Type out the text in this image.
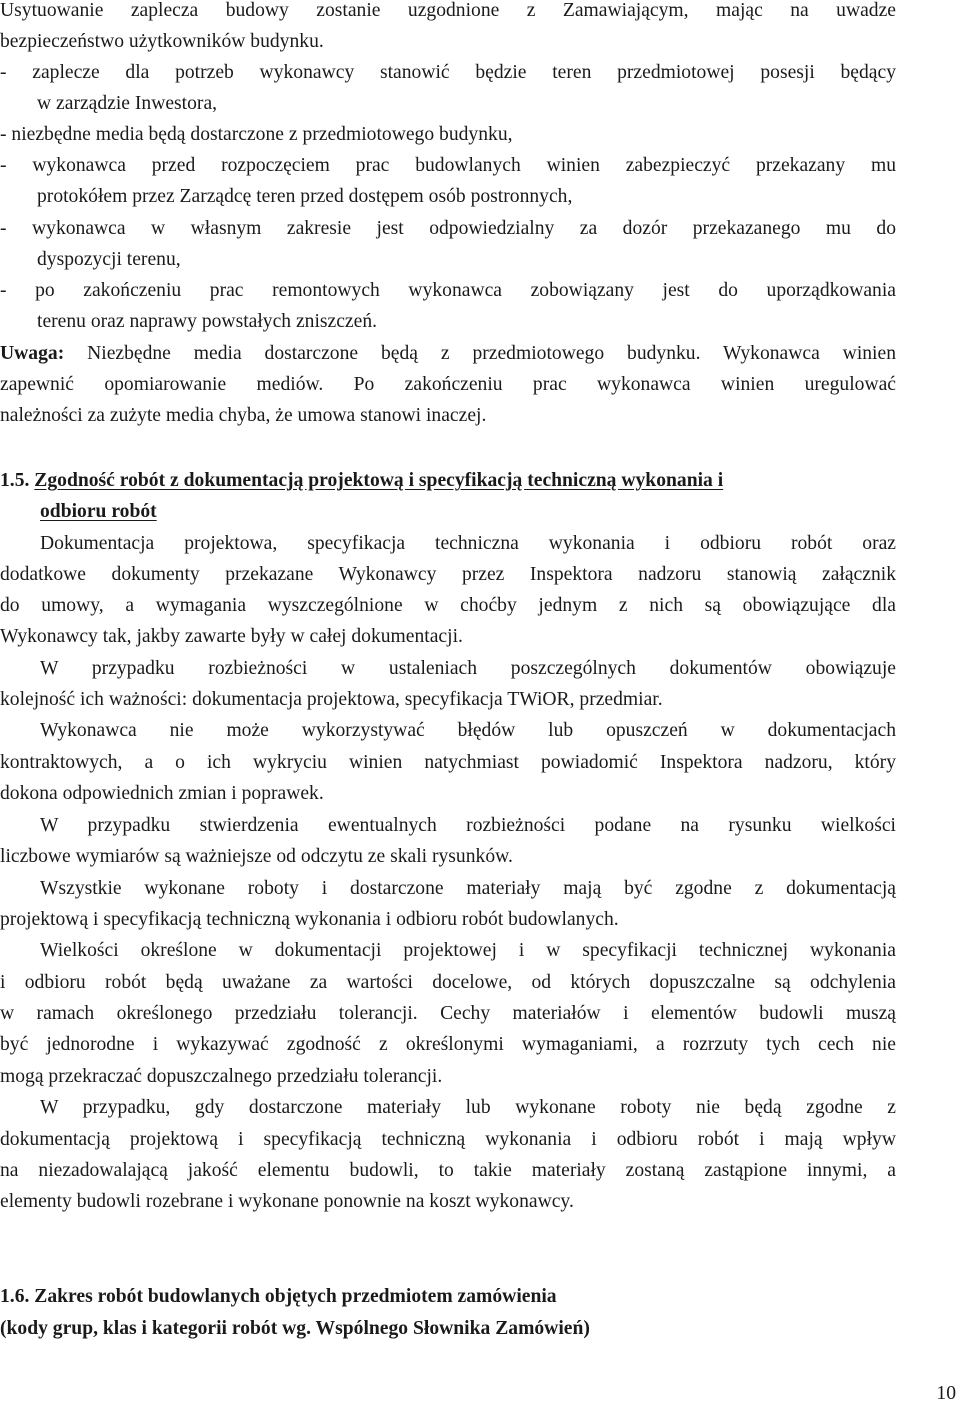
Usytuowanie zaplecza budowy zostanie uzgodnione z Zamawiającym, mając na uwadze
bezpieczeństwo użytkowników budynku.
- zaplecze dla potrzeb wykonawcy stanowić będzie teren przedmiotowej posesji będący
w zarządzie Inwestora,
- niezbędne media będą dostarczone z przedmiotowego budynku,
- wykonawca przed rozpoczęciem prac budowlanych winien zabezpieczyć przekazany mu
protokółem przez Zarządcę teren przed dostępem osób postronnych,
- wykonawca w własnym zakresie jest odpowiedzialny za dozór przekazanego mu do
dyspozycji terenu,
- po zakończeniu prac remontowych wykonawca zobowiązany jest do uporządkowania
terenu oraz naprawy powstałych zniszczeń.
Uwaga: Niezbędne media dostarczone będą z przedmiotowego budynku. Wykonawca winien
zapewnić opomiarowanie mediów. Po zakończeniu prac wykonawca winien uregulować
należności za zużyte media chyba, że umowa stanowi inaczej.
1.5. Zgodność robót z dokumentacją projektową i specyfikacją techniczną wykonania i
odbioru robót
Dokumentacja projektowa, specyfikacja techniczna wykonania i odbioru robót oraz
dodatkowe dokumenty przekazane Wykonawcy przez Inspektora nadzoru stanowią załącznik
do umowy, a wymagania wyszczególnione w choćby jednym z nich są obowiązujące dla
Wykonawcy tak, jakby zawarte były w całej dokumentacji.
W przypadku rozbieżności w ustaleniach poszczególnych dokumentów obowiązuje
kolejność ich ważności: dokumentacja projektowa, specyfikacja TWiOR, przedmiar.
Wykonawca nie może wykorzystywać błędów lub opuszczeń w dokumentacjach
kontraktowych, a o ich wykryciu winien natychmiast powiadomić Inspektora nadzoru, który
dokona odpowiednich zmian i poprawek.
W przypadku stwierdzenia ewentualnych rozbieżności podane na rysunku wielkości
liczbowe wymiarów są ważniejsze od odczytu ze skali rysunków.
Wszystkie wykonane roboty i dostarczone materiały mają być zgodne z dokumentacją
projektową i specyfikacją techniczną wykonania i odbioru robót budowlanych.
Wielkości określone w dokumentacji projektowej i w specyfikacji technicznej wykonania
i odbioru robót będą uważane za wartości docelowe, od których dopuszczalne są odchylenia
w ramach określonego przedziału tolerancji. Cechy materiałów i elementów budowli muszą
być jednorodne i wykazywać zgodność z określonymi wymaganiami, a rozrzuty tych cech nie
mogą przekraczać dopuszczalnego przedziału tolerancji.
W przypadku, gdy dostarczone materiały lub wykonane roboty nie będą zgodne z
dokumentacją projektową i specyfikacją techniczną wykonania i odbioru robót i mają wpływ
na niezadowalającą jakość elementu budowli, to takie materiały zostaną zastąpione innymi, a
elementy budowli rozebrane i wykonane ponownie na koszt wykonawcy.
1.6. Zakres robót budowlanych objętych przedmiotem zamówienia
(kody grup, klas i kategorii robót wg. Wspólnego Słownika Zamówień)
10
